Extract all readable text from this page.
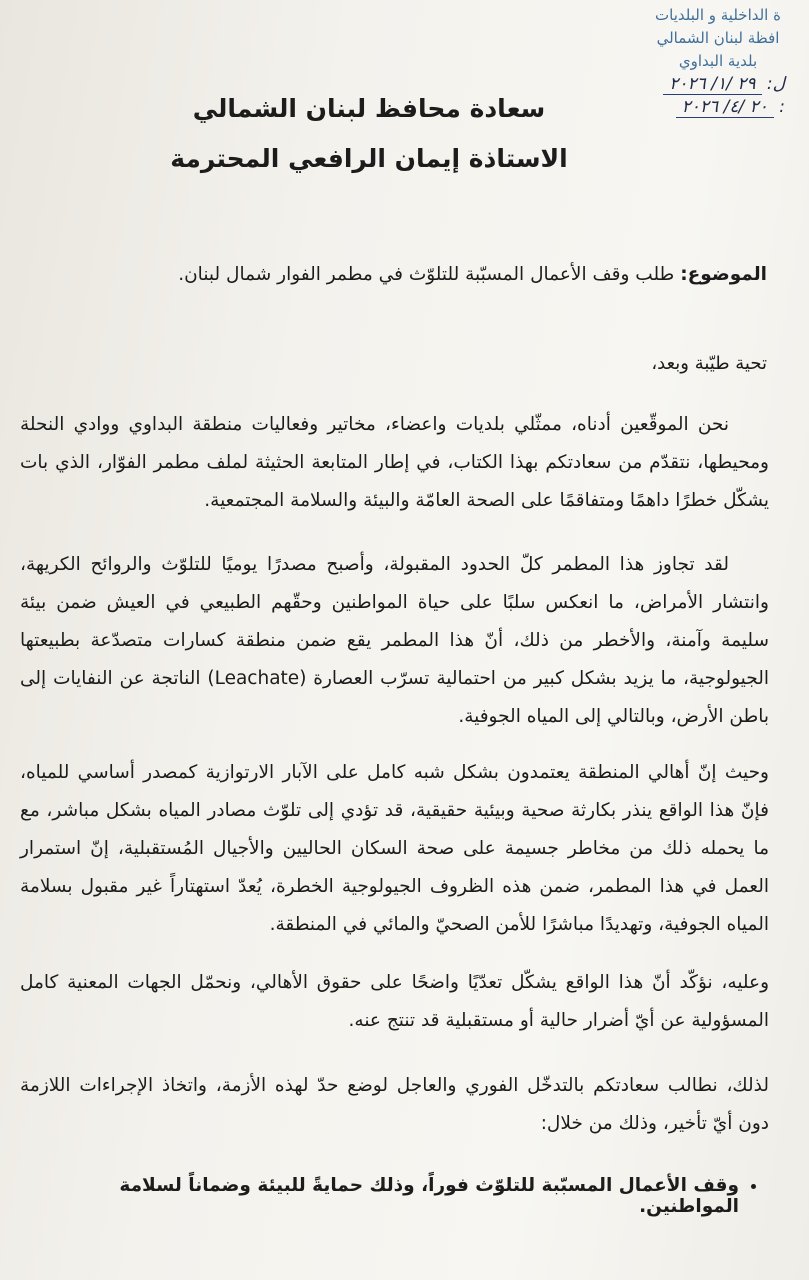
ة الداخلية و البلديات
افظة لبنان الشمالي
بلدية البداوي
ل: ٢٩ /١/ ٢٠٢٦
: ٢٠ /٤/ ٢٠٢٦
سعادة محافظ لبنان الشمالي
الاستاذة إيمان الرافعي المحترمة
الموضوع: طلب وقف الأعمال المسبّبة للتلوّث في مطمر الفوار شمال لبنان.
تحية طيّبة وبعد،

نحن الموقّعين أدناه، ممثّلي بلديات واعضاء، مخاتير وفعاليات منطقة البداوي ووادي النحلة ومحيطها، نتقدّم من سعادتكم بهذا الكتاب، في إطار المتابعة الحثيثة لملف مطمر الفوّار، الذي بات يشكّل خطرًا داهمًا ومتفاقمًا على الصحة العامّة والبيئة والسلامة المجتمعية.

لقد تجاوز هذا المطمر كلّ الحدود المقبولة، وأصبح مصدرًا يوميًا للتلوّث والروائح الكريهة، وانتشار الأمراض، ما انعكس سلبًا على حياة المواطنين وحقّهم الطبيعي في العيش ضمن بيئة سليمة وآمنة، والأخطر من ذلك، أنّ هذا المطمر يقع ضمن منطقة كسارات متصدّعة بطبيعتها الجيولوجية، ما يزيد بشكل كبير من احتمالية تسرّب العصارة (Leachate) الناتجة عن النفايات إلى باطن الأرض، وبالتالي إلى المياه الجوفية.

وحيث إنّ أهالي المنطقة يعتمدون بشكل شبه كامل على الآبار الارتوازية كمصدر أساسي للمياه، فإنّ هذا الواقع ينذر بكارثة صحية وبيئية حقيقية، قد تؤدي إلى تلوّث مصادر المياه بشكل مباشر، مع ما يحمله ذلك من مخاطر جسيمة على صحة السكان الحاليين والأجيال المُستقبلية، إنّ استمرار العمل في هذا المطمر، ضمن هذه الظروف الجيولوجية الخطرة، يُعدّ استهتاراً غير مقبول بسلامة المياه الجوفية، وتهديدًا مباشرًا للأمن الصحيّ والمائي في المنطقة.

وعليه، نؤكّد أنّ هذا الواقع يشكّل تعدّيًا واضحًا على حقوق الأهالي، ونحمّل الجهات المعنية كامل المسؤولية عن أيّ أضرار حالية أو مستقبلية قد تنتج عنه.

لذلك، نطالب سعادتكم بالتدخّل الفوري والعاجل لوضع حدّ لهذه الأزمة، واتخاذ الإجراءات اللازمة دون أيّ تأخير، وذلك من خلال:

• وقف الأعمال المسبّبة للتلوّث فوراً، وذلك حمايةً للبيئة وضماناً لسلامة المواطنين.
